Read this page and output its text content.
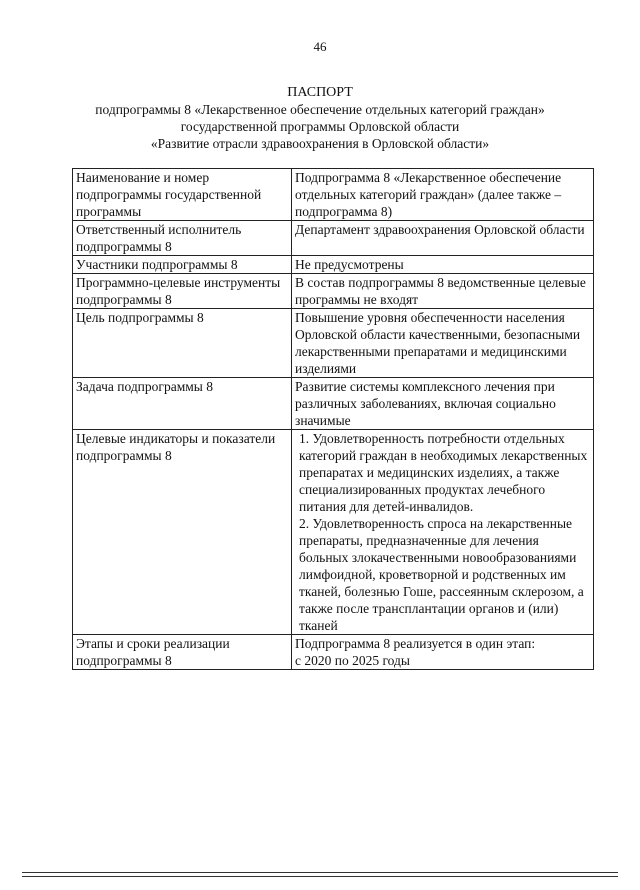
46
ПАСПОРТ
подпрограммы 8 «Лекарственное обеспечение отдельных категорий граждан»
государственной программы Орловской области
«Развитие отрасли здравоохранения в Орловской области»
Наименование и номер подпрограммы государственной программы	Подпрограмма 8 «Лекарственное обеспечение отдельных категорий граждан» (далее также – подпрограмма 8)
Ответственный исполнитель подпрограммы 8	Департамент здравоохранения Орловской области
Участники подпрограммы 8	Не предусмотрены
Программно-целевые инструменты подпрограммы 8	В состав подпрограммы 8 ведомственные целевые программы не входят
Цель подпрограммы 8	Повышение уровня обеспеченности населения Орловской области качественными, безопасными лекарственными препаратами и медицинскими изделиями
Задача подпрограммы 8	Развитие системы комплексного лечения при различных заболеваниях, включая социально значимые
Целевые индикаторы и показатели подпрограммы 8	1. Удовлетворенность потребности отдельных категорий граждан в необходимых лекарственных препаратах и медицинских изделиях, а также специализированных продуктах лечебного питания для детей-инвалидов.
2. Удовлетворенность спроса на лекарственные препараты, предназначенные для лечения больных злокачественными новообразованиями лимфоидной, кроветворной и родственных им тканей, болезнью Гоше, рассеянным склерозом, а также после трансплантации органов и (или) тканей

Этапы и сроки реализации подпрограммы 8	Подпрограмма 8 реализуется в один этап:
с 2020 по 2025 годы
